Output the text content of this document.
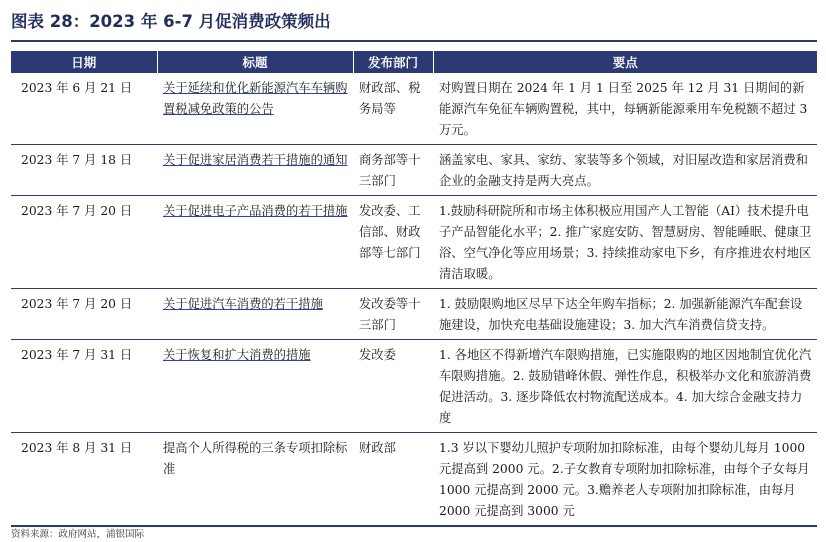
图表 28：2023 年 6-7 月促消费政策频出
日期	标题	发布部门	要点
2023 年 6 月 21 日	关于延续和优化新能源汽车车辆购置税减免政策的公告	财政部、税务局等	对购置日期在 2024 年 1 月 1 日至 2025 年 12 月 31 日期间的新能源汽车免征车辆购置税，其中，每辆新能源乘用车免税额不超过 3 万元。
2023 年 7 月 18 日	关于促进家居消费若干措施的通知	商务部等十三部门	涵盖家电、家具、家纺、家装等多个领域，对旧屋改造和家居消费和企业的金融支持是两大亮点。
2023 年 7 月 20 日	关于促进电子产品消费的若干措施	发改委、工信部、财政部等七部门	1.鼓励科研院所和市场主体积极应用国产人工智能（AI）技术提升电子产品智能化水平；2. 推广家庭安防、智慧厨房、智能睡眠、健康卫浴、空气净化等应用场景；3. 持续推动家电下乡，有序推进农村地区清洁取暖。
2023 年 7 月 20 日	关于促进汽车消费的若干措施	发改委等十三部门	1. 鼓励限购地区尽早下达全年购车指标；2. 加强新能源汽车配套设施建设，加快充电基础设施建设；3. 加大汽车消费信贷支持。
2023 年 7 月 31 日	关于恢复和扩大消费的措施	发改委	1. 各地区不得新增汽车限购措施，已实施限购的地区因地制宜优化汽车限购措施。2. 鼓励错峰休假、弹性作息，积极举办文化和旅游消费促进活动。3. 逐步降低农村物流配送成本。4. 加大综合金融支持力度
2023 年 8 月 31 日	提高个人所得税的三条专项扣除标准	财政部	1.3 岁以下婴幼儿照护专项附加扣除标准，由每个婴幼儿每月 1000 元提高到 2000 元。2.子女教育专项附加扣除标准，由每个子女每月 1000 元提高到 2000 元。3.赡养老人专项附加扣除标准，由每月 2000 元提高到 3000 元
资料来源：政府网站，浦银国际
